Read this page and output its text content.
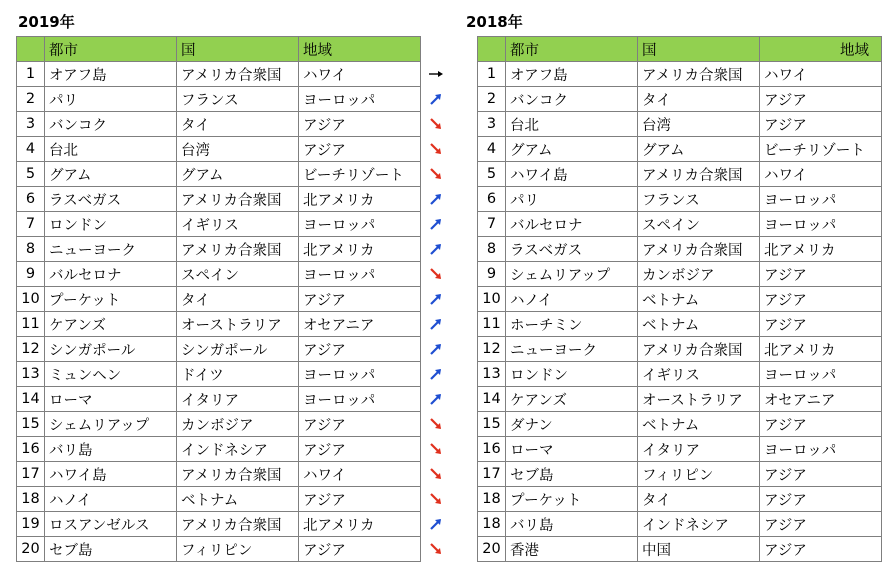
2019年	2018年
	都市	国	地域
1	オアフ島	アメリカ合衆国	ハワイ
2	パリ	フランス	ヨーロッパ
3	バンコク	タイ	アジア
4	台北	台湾	アジア
5	グアム	グアム	ビーチリゾート
6	ラスベガス	アメリカ合衆国	北アメリカ
7	ロンドン	イギリス	ヨーロッパ
8	ニューヨーク	アメリカ合衆国	北アメリカ
9	バルセロナ	スペイン	ヨーロッパ
10	プーケット	タイ	アジア
11	ケアンズ	オーストラリア	オセアニア
12	シンガポール	シンガポール	アジア
13	ミュンヘン	ドイツ	ヨーロッパ
14	ローマ	イタリア	ヨーロッパ
15	シェムリアップ	カンボジア	アジア
16	バリ島	インドネシア	アジア
17	ハワイ島	アメリカ合衆国	ハワイ
18	ハノイ	ベトナム	アジア
19	ロスアンゼルス	アメリカ合衆国	北アメリカ
20	セブ島	フィリピン	アジア
	都市	国	地域
1	オアフ島	アメリカ合衆国	ハワイ
2	バンコク	タイ	アジア
3	台北	台湾	アジア
4	グアム	グアム	ビーチリゾート
5	ハワイ島	アメリカ合衆国	ハワイ
6	パリ	フランス	ヨーロッパ
7	バルセロナ	スペイン	ヨーロッパ
8	ラスベガス	アメリカ合衆国	北アメリカ
9	シェムリアップ	カンボジア	アジア
10	ハノイ	ベトナム	アジア
11	ホーチミン	ベトナム	アジア
12	ニューヨーク	アメリカ合衆国	北アメリカ
13	ロンドン	イギリス	ヨーロッパ
14	ケアンズ	オーストラリア	オセアニア
15	ダナン	ベトナム	アジア
16	ローマ	イタリア	ヨーロッパ
17	セブ島	フィリピン	アジア
18	プーケット	タイ	アジア
18	バリ島	インドネシア	アジア
20	香港	中国	アジア
